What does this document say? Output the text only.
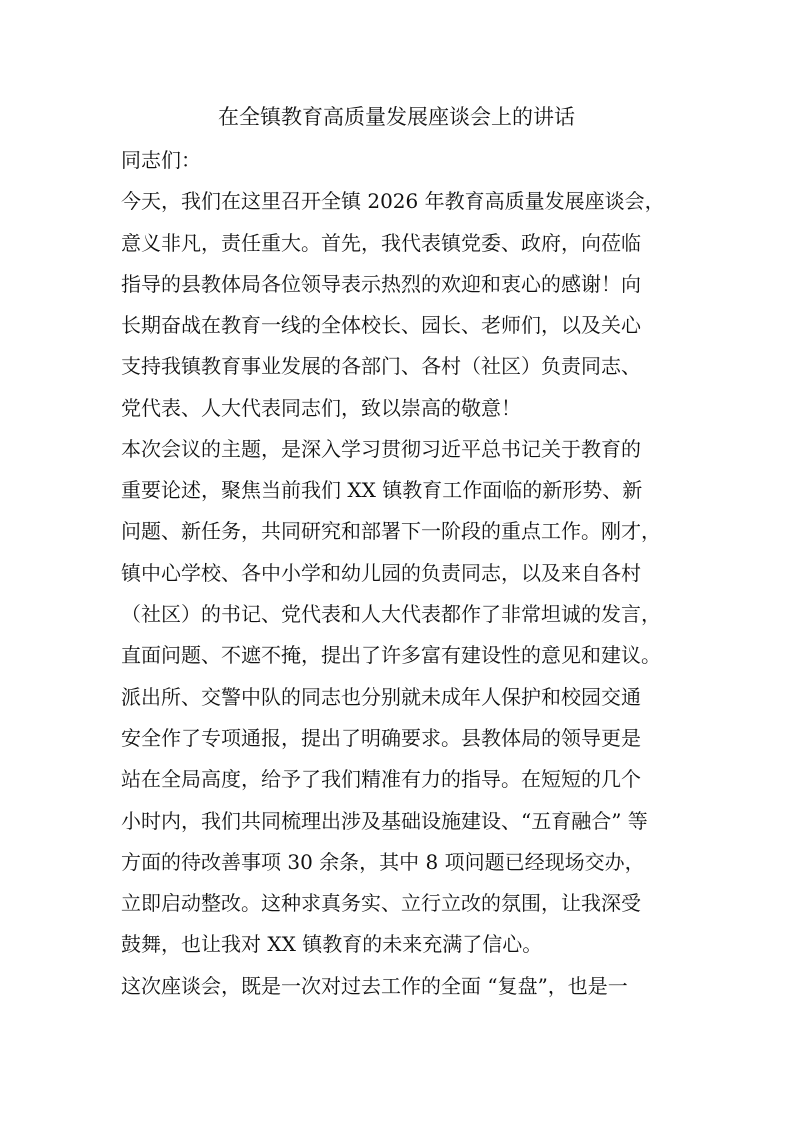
在全镇教育高质量发展座谈会上的讲话

同志们：

今天，我们在这里召开全镇 2026 年教育高质量发展座谈会，
意义非凡，责任重大。首先，我代表镇党委、政府，向莅临
指导的县教体局各位领导表示热烈的欢迎和衷心的感谢！向
长期奋战在教育一线的全体校长、园长、老师们，以及关心
支持我镇教育事业发展的各部门、各村（社区）负责同志、
党代表、人大代表同志们，致以崇高的敬意！
本次会议的主题，是深入学习贯彻习近平总书记关于教育的
重要论述，聚焦当前我们 XX 镇教育工作面临的新形势、新
问题、新任务，共同研究和部署下一阶段的重点工作。刚才，
镇中心学校、各中小学和幼儿园的负责同志，以及来自各村
（社区）的书记、党代表和人大代表都作了非常坦诚的发言，
直面问题、不遮不掩，提出了许多富有建设性的意见和建议。
派出所、交警中队的同志也分别就未成年人保护和校园交通
安全作了专项通报，提出了明确要求。县教体局的领导更是
站在全局高度，给予了我们精准有力的指导。在短短的几个
小时内，我们共同梳理出涉及基础设施建设、“五育融合” 等
方面的待改善事项 30 余条，其中 8 项问题已经现场交办，
立即启动整改。这种求真务实、立行立改的氛围，让我深受
鼓舞，也让我对 XX 镇教育的未来充满了信心。
这次座谈会，既是一次对过去工作的全面 “复盘”，也是一
